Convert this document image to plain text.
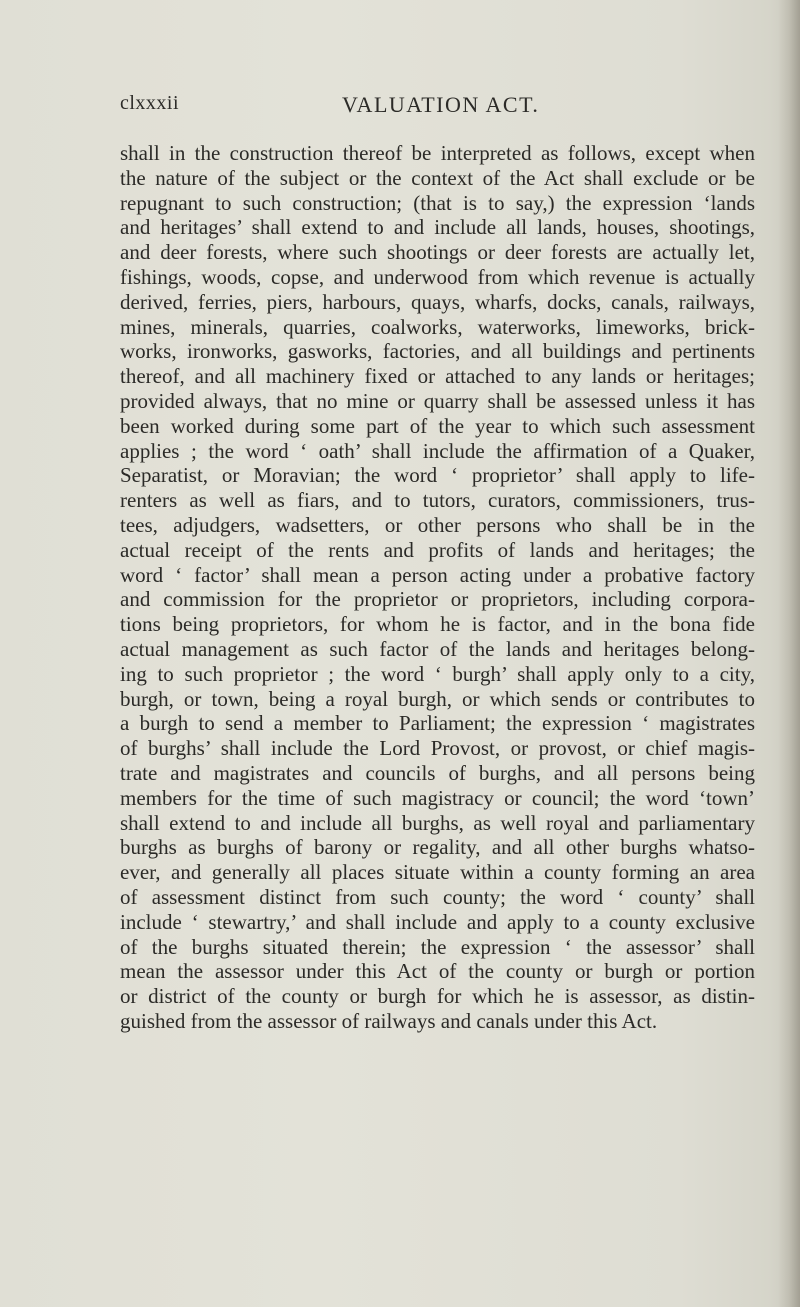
clxxxii	VALUATION ACT.
shall in the construction thereof be interpreted as follows, except when
the nature of the subject or the context of the Act shall exclude or be
repugnant to such construction; (that is to say,) the expression ‘lands
and heritages’ shall extend to and include all lands, houses, shootings,
and deer forests, where such shootings or deer forests are actually let,
fishings, woods, copse, and underwood from which revenue is actually
derived, ferries, piers, harbours, quays, wharfs, docks, canals, railways,
mines, minerals, quarries, coalworks, waterworks, limeworks, brick-
works, ironworks, gasworks, factories, and all buildings and pertinents
thereof, and all machinery fixed or attached to any lands or heritages;
provided always, that no mine or quarry shall be assessed unless it has
been worked during some part of the year to which such assessment
applies ; the word ‘ oath’ shall include the affirmation of a Quaker,
Separatist, or Moravian; the word ‘ proprietor’ shall apply to life-
renters as well as fiars, and to tutors, curators, commissioners, trus-
tees, adjudgers, wadsetters, or other persons who shall be in the
actual receipt of the rents and profits of lands and heritages; the
word ‘ factor’ shall mean a person acting under a probative factory
and commission for the proprietor or proprietors, including corpora-
tions being proprietors, for whom he is factor, and in the bona fide
actual management as such factor of the lands and heritages belong-
ing to such proprietor ; the word ‘ burgh’ shall apply only to a city,
burgh, or town, being a royal burgh, or which sends or contributes to
a burgh to send a member to Parliament; the expression ‘ magistrates
of burghs’ shall include the Lord Provost, or provost, or chief magis-
trate and magistrates and councils of burghs, and all persons being
members for the time of such magistracy or council; the word ‘town’
shall extend to and include all burghs, as well royal and parliamentary
burghs as burghs of barony or regality, and all other burghs whatso-
ever, and generally all places situate within a county forming an area
of assessment distinct from such county; the word ‘ county’ shall
include ‘ stewartry,’ and shall include and apply to a county exclusive
of the burghs situated therein; the expression ‘ the assessor’ shall
mean the assessor under this Act of the county or burgh or portion
or district of the county or burgh for which he is assessor, as distin-
guished from the assessor of railways and canals under this Act.
